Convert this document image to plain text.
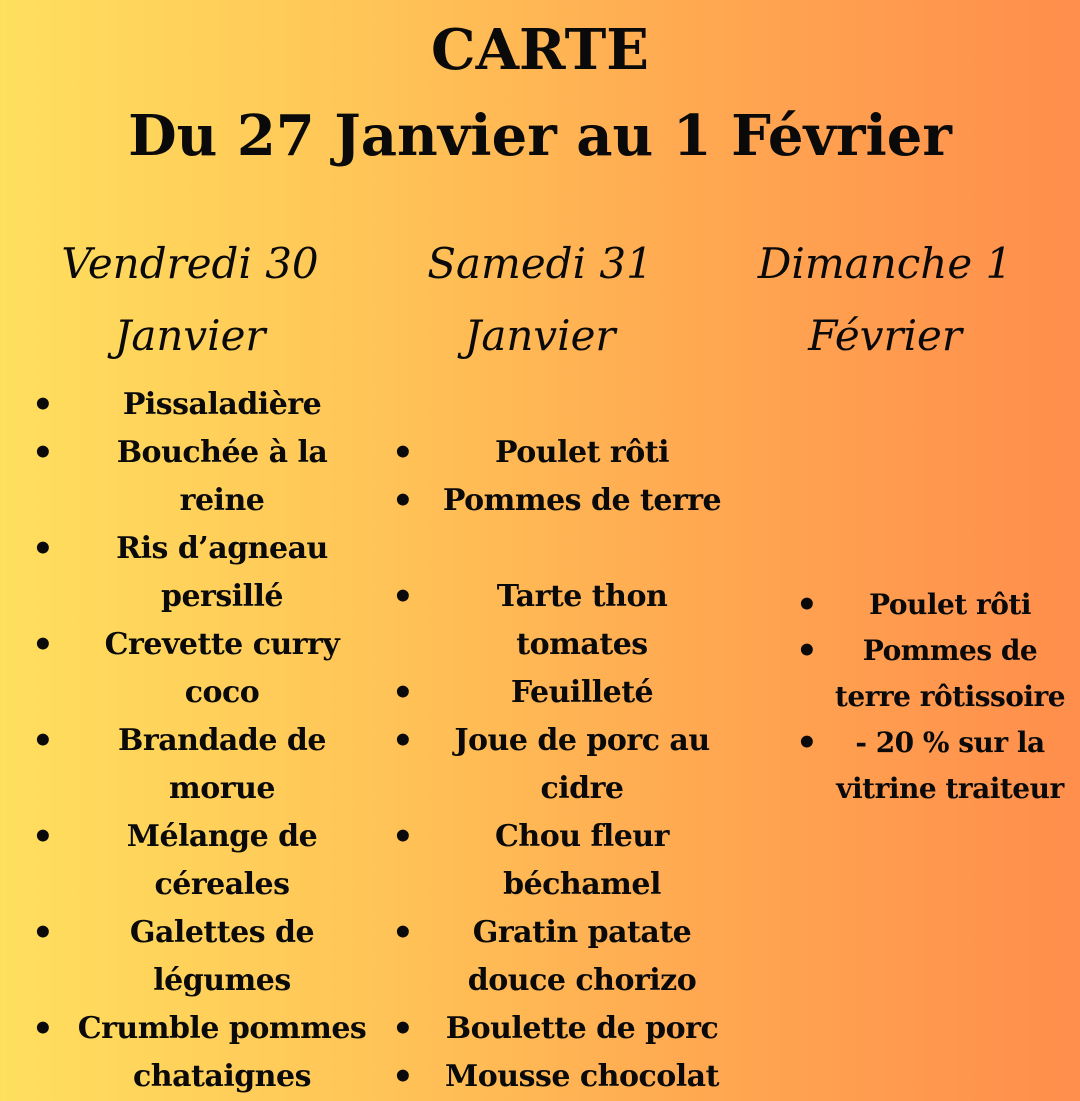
CARTE
Du 27 Janvier au 1 Février
Vendredi 30
Janvier
Samedi 31
Janvier
Dimanche 1
Février
• Pissaladière
• Bouchée à la reine
• Ris d’agneau persillé
• Crevette curry coco
• Brandade de morue
• Mélange de céreales
• Galettes de légumes
• Crumble pommes chataignes
• Poulet rôti
• Pommes de terre
• Tarte thon tomates
• Feuilleté
• Joue de porc au cidre
• Chou fleur béchamel
• Gratin patate douce chorizo
• Boulette de porc
• Mousse chocolat
• Poulet rôti
• Pommes de terre rôtissoire
• - 20 % sur la vitrine traiteur
